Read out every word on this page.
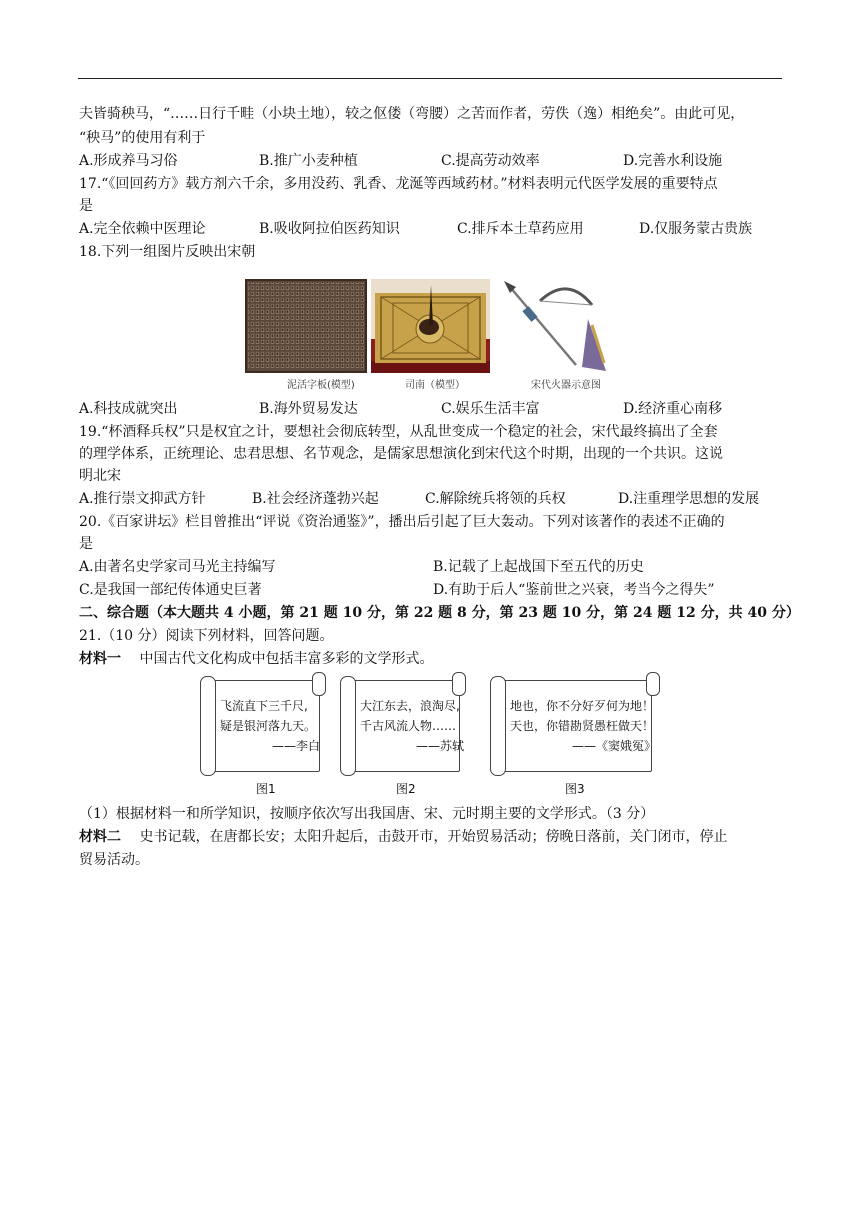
夫皆骑秧马，“……日行千畦（小块土地），较之伛偻（弯腰）之苦而作者，劳佚（逸）相绝矣”。由此可见，
“秧马”的使用有利于
A.形成养马习俗	B.推广小麦种植	C.提高劳动效率	D.完善水利设施
17.“《回回药方》载方剂六千余，多用没药、乳香、龙涎等西域药材。”材料表明元代医学发展的重要特点
是
A.完全依赖中医理论	B.吸收阿拉伯医药知识	C.排斥本土草药应用	D.仅服务蒙古贵族
18.下列一组图片反映出宋朝
泥活字板(模型)	司南（模型）	宋代火器示意图
A.科技成就突出	B.海外贸易发达	C.娱乐生活丰富	D.经济重心南移
19.“杯酒释兵权”只是权宜之计，要想社会彻底转型，从乱世变成一个稳定的社会，宋代最终搞出了全套
的理学体系，正统理论、忠君思想、名节观念，是儒家思想演化到宋代这个时期，出现的一个共识。这说
明北宋
A.推行崇文抑武方针	B.社会经济蓬勃兴起	C.解除统兵将领的兵权	D.注重理学思想的发展
20.《百家讲坛》栏目曾推出“评说《资治通鉴》”，播出后引起了巨大轰动。下列对该著作的表述不正确的
是
A.由著名史学家司马光主持编写	B.记载了上起战国下至五代的历史
C.是我国一部纪传体通史巨著	D.有助于后人“鉴前世之兴衰，考当今之得失”
二、综合题（本大题共 4 小题，第 21 题 10 分，第 22 题 8 分，第 23 题 10 分，第 24 题 12 分，共 40 分）
21.（10 分）阅读下列材料，回答问题。
材料一 中国古代文化构成中包括丰富多彩的文学形式。
飞流直下三千尺,
疑是银河落九天。
——李白
大江东去，浪淘尽,
千古风流人物……
——苏轼
地也，你不分好歹何为地！
天也，你错勘贤愚枉做天！
——《窦娥冤》
图1	图2	图3
（1）根据材料一和所学知识，按顺序依次写出我国唐、宋、元时期主要的文学形式。（3 分）
材料二 史书记载，在唐都长安；太阳升起后，击鼓开市，开始贸易活动；傍晚日落前，关门闭市，停止
贸易活动。
